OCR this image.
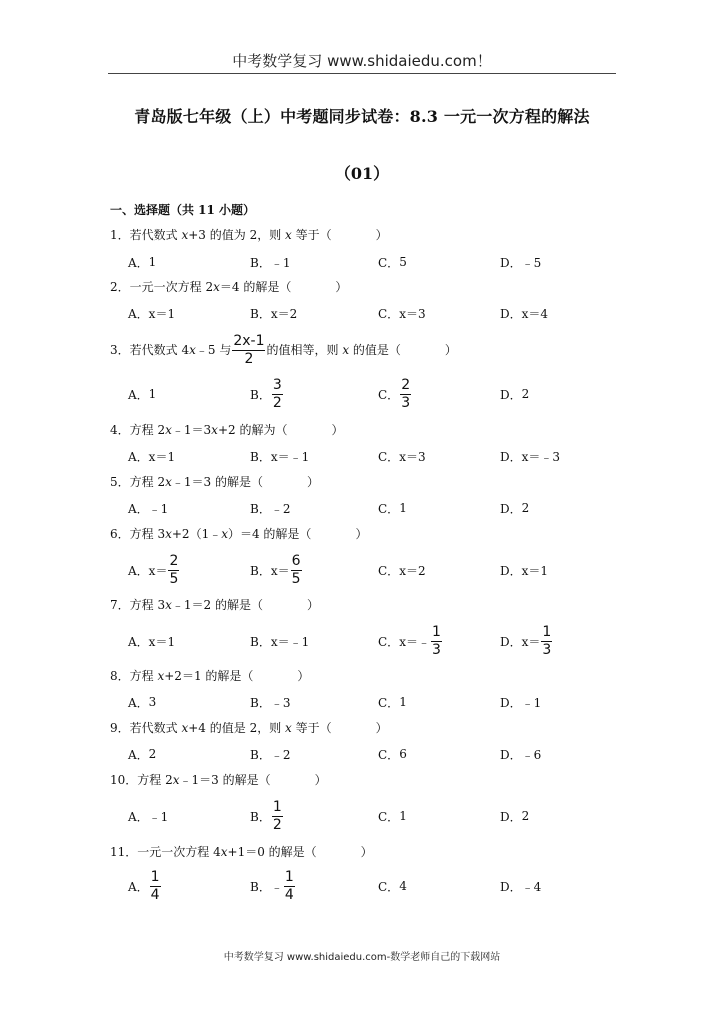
中考数学复习 www.shidaiedu.com！
青岛版七年级（上）中考题同步试卷：8.3 一元一次方程的解法
（01）
一、选择题（共 11 小题）
1．若代数式 x+3 的值为 2，则 x 等于（	）
A． 1	B． ﹣1	C． 5	D． ﹣5
2．一元一次方程 2x＝4 的解是（	）
A． x＝1	B． x＝2	C． x＝3	D． x＝4
3．若代数式 4x﹣5 与 $\frac{2x-1}{2}$ 的值相等，则 x 的值是（	）
A． 1	B． $\frac{3}{2}$	C． $\frac{2}{3}$	D． 2
4．方程 2x﹣1＝3x+2 的解为（	）
A． x＝1	B． x＝﹣1	C． x＝3	D． x＝﹣3
5．方程 2x﹣1＝3 的解是（	）
A． ﹣1	B． ﹣2	C． 1	D． 2
6．方程 3x+2（1﹣x）＝4 的解是（	）
A． $x= \frac{2}{5}$	B． $x= \frac{6}{5}$	C． x＝2	D． x＝1
7．方程 3x﹣1＝2 的解是（	）
A． x＝1	B． x＝﹣1	C． x＝﹣ $\frac{1}{3}$	D． $x= \frac{1}{3}$
8．方程 x+2＝1 的解是（	）
A． 3	B． ﹣3	C． 1	D． ﹣1
9．若代数式 x+4 的值是 2，则 x 等于（	）
A． 2	B． ﹣2	C． 6	D． ﹣6
10．方程 2x﹣1＝3 的解是（	）
A． ﹣1	B． $\frac{1}{2}$	C． 1	D． 2
11．一元一次方程 4x+1＝0 的解是（	）
A． $\frac{1}{4}$	B． ﹣ $\frac{1}{4}$	C． 4	D． ﹣4
中考数学复习 www.shidaiedu.com-数学老师自己的下载网站
